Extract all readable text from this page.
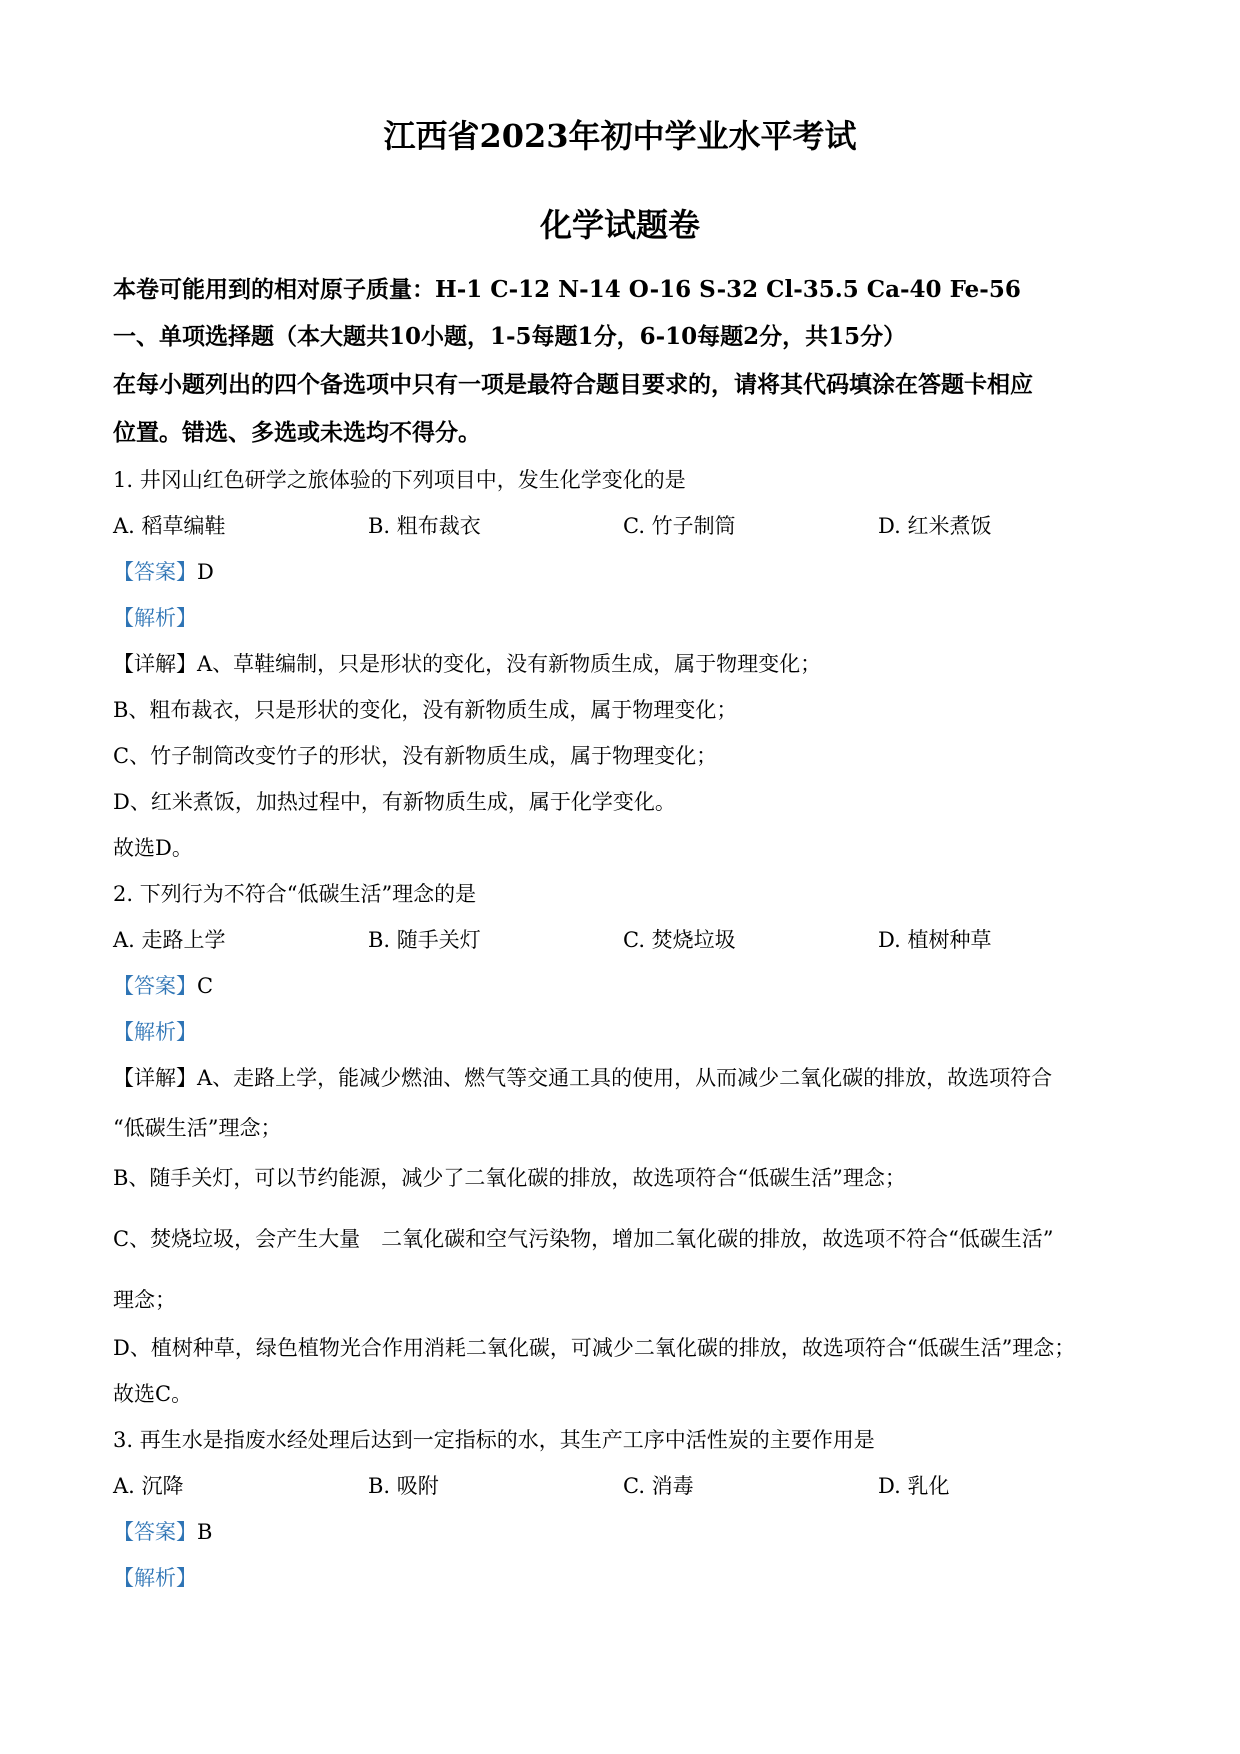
江西省2023年初中学业水平考试
化学试题卷
本卷可能用到的相对原子质量：H-1 C-12 N-14 O-16 S-32 Cl-35.5 Ca-40 Fe-56
一、单项选择题（本大题共10小题，1-5每题1分，6-10每题2分，共15分）
在每小题列出的四个备选项中只有一项是最符合题目要求的，请将其代码填涂在答题卡相应
位置。错选、多选或未选均不得分。
1. 井冈山红色研学之旅体验的下列项目中，发生化学变化的是
A. 稻草编鞋	B. 粗布裁衣	C. 竹子制筒	D. 红米煮饭
【答案】D
【解析】
【详解】A、草鞋编制，只是形状的变化，没有新物质生成，属于物理变化；
B、粗布裁衣，只是形状的变化，没有新物质生成，属于物理变化；
C、竹子制筒改变竹子的形状，没有新物质生成，属于物理变化；
D、红米煮饭，加热过程中，有新物质生成，属于化学变化。
故选D。
2. 下列行为不符合“低碳生活”理念的是
A. 走路上学	B. 随手关灯	C. 焚烧垃圾	D. 植树种草
【答案】C
【解析】
【详解】A、走路上学，能减少燃油、燃气等交通工具的使用，从而减少二氧化碳的排放，故选项符合
“低碳生活”理念；
B、随手关灯，可以节约能源，减少了二氧化碳的排放，故选项符合“低碳生活”理念；
C、焚烧垃圾，会产生大量　二氧化碳和空气污染物，增加二氧化碳的排放，故选项不符合“低碳生活”
理念；
D、植树种草，绿色植物光合作用消耗二氧化碳，可减少二氧化碳的排放，故选项符合“低碳生活”理念；
故选C。
3. 再生水是指废水经处理后达到一定指标的水，其生产工序中活性炭的主要作用是
A. 沉降	B. 吸附	C. 消毒	D. 乳化
【答案】B
【解析】
